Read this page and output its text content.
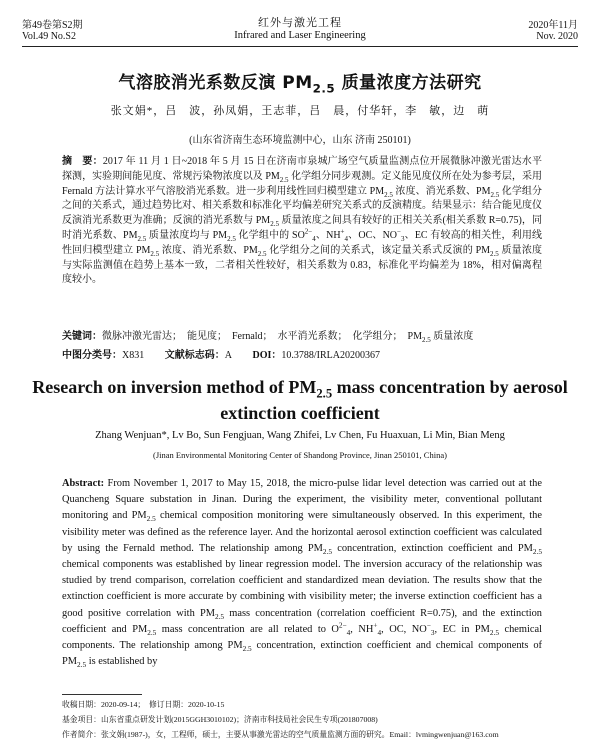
第49卷第S2期
Vol.49 No.S2
红外与激光工程
Infrared and Laser Engineering
2020年11月
Nov. 2020
气溶胶消光系数反演 $PM_{2.5}$ 质量浓度方法研究
张文娟*，吕　波，孙凤娟，王志菲，吕　晨，付华轩，李　敏，边　萌
(山东省济南生态环境监测中心，山东 济南 250101)
摘　要：2017 年 11 月 1 日~2018 年 5 月 15 日在济南市泉城广场空气质量监测点位开展微脉冲激光雷达水平探测，实验期间能见度、常规污染物浓度以及 $PM_{2.5}$ 化学组分同步观测。定义能见度仪所在处为参考层，采用 Fernald 方法计算水平气溶胶消光系数。进一步利用线性回归模型建立 $PM_{2.5}$ 浓度、消光系数、$PM_{2.5}$ 化学组分之间的关系式，通过趋势比对、相关系数和标准化平均偏差研究关系式的反演精度。结果显示：结合能见度仪反演消光系数更为准确；反演的消光系数与 $PM_{2.5}$ 质量浓度之间具有较好的正相关关系(相关系数 R=0.75)，同时消光系数、$PM_{2.5}$ 质量浓度均与 $PM_{2.5}$ 化学组中的 $SO^{2-}_4$、$NH^+_4$、OC、$NO^-_3$、EC 有较高的相关性，利用线性回归模型建立 $PM_{2.5}$ 浓度、消光系数、$PM_{2.5}$ 化学组分之间的关系式，该定量关系式反演的 $PM_{2.5}$ 质量浓度与实际监测值在趋势上基本一致，二者相关性较好，相关系数为 0.83，标准化平均偏差为 18%，相对偏离程度较小。
关键词：微脉冲激光雷达；　能见度；　Fernald；　水平消光系数；　化学组分；　$PM_{2.5}$ 质量浓度
中图分类号：X831 文献标志码：A DOI：10.3788/IRLA20200367
Research on inversion method of $PM_{2.5}$ mass concentration by aerosol
extinction coefficient
Zhang Wenjuan*, Lv Bo, Sun Fengjuan, Wang Zhifei, Lv Chen, Fu Huaxuan, Li Min, Bian Meng
(Jinan Environmental Monitoring Center of Shandong Province, Jinan 250101, China)
Abstract: From November 1, 2017 to May 15, 2018, the micro-pulse lidar level detection was carried out at the Quancheng Square substation in Jinan. During the experiment, the visibility meter, conventional pollutant monitoring and $PM_{2.5}$ chemical composition monitoring were simultaneously observed. In this experiment, the visibility meter was defined as the reference layer. And the horizontal aerosol extinction coefficient was calculated by using the Fernald method. The relationship among $PM_{2.5}$ concentration, extinction coefficient and $PM_{2.5}$ chemical components was established by linear regression model. The inversion accuracy of the relationship was studied by trend comparison, correlation coefficient and standardized mean deviation. The results show that the extinction coefficient is more accurate by combining with visibility meter; the inverse extinction coefficient has a good positive correlation with $PM_{2.5}$ mass concentration (correlation coefficient R=0.75), and the extinction coefficient and $PM_{2.5}$ mass concentration are all related to $O^{2-}_4$, $NH^+_4$, OC, $NO^-_3$, EC in $PM_{2.5}$ chemical components. The relationship among $PM_{2.5}$ concentration, extinction coefficient and chemical components of $PM_{2.5}$ is established by
收稿日期：2020-09-14；　修订日期：2020-10-15
基金项目：山东省重点研发计划(2015GGH3010102)；济南市科技局社会民生专项(201807008)
作者简介：张文娟(1987-)，女，工程师，硕士，主要从事激光雷达的空气质量监测方面的研究。Email：lvmingwenjuan@163.com
